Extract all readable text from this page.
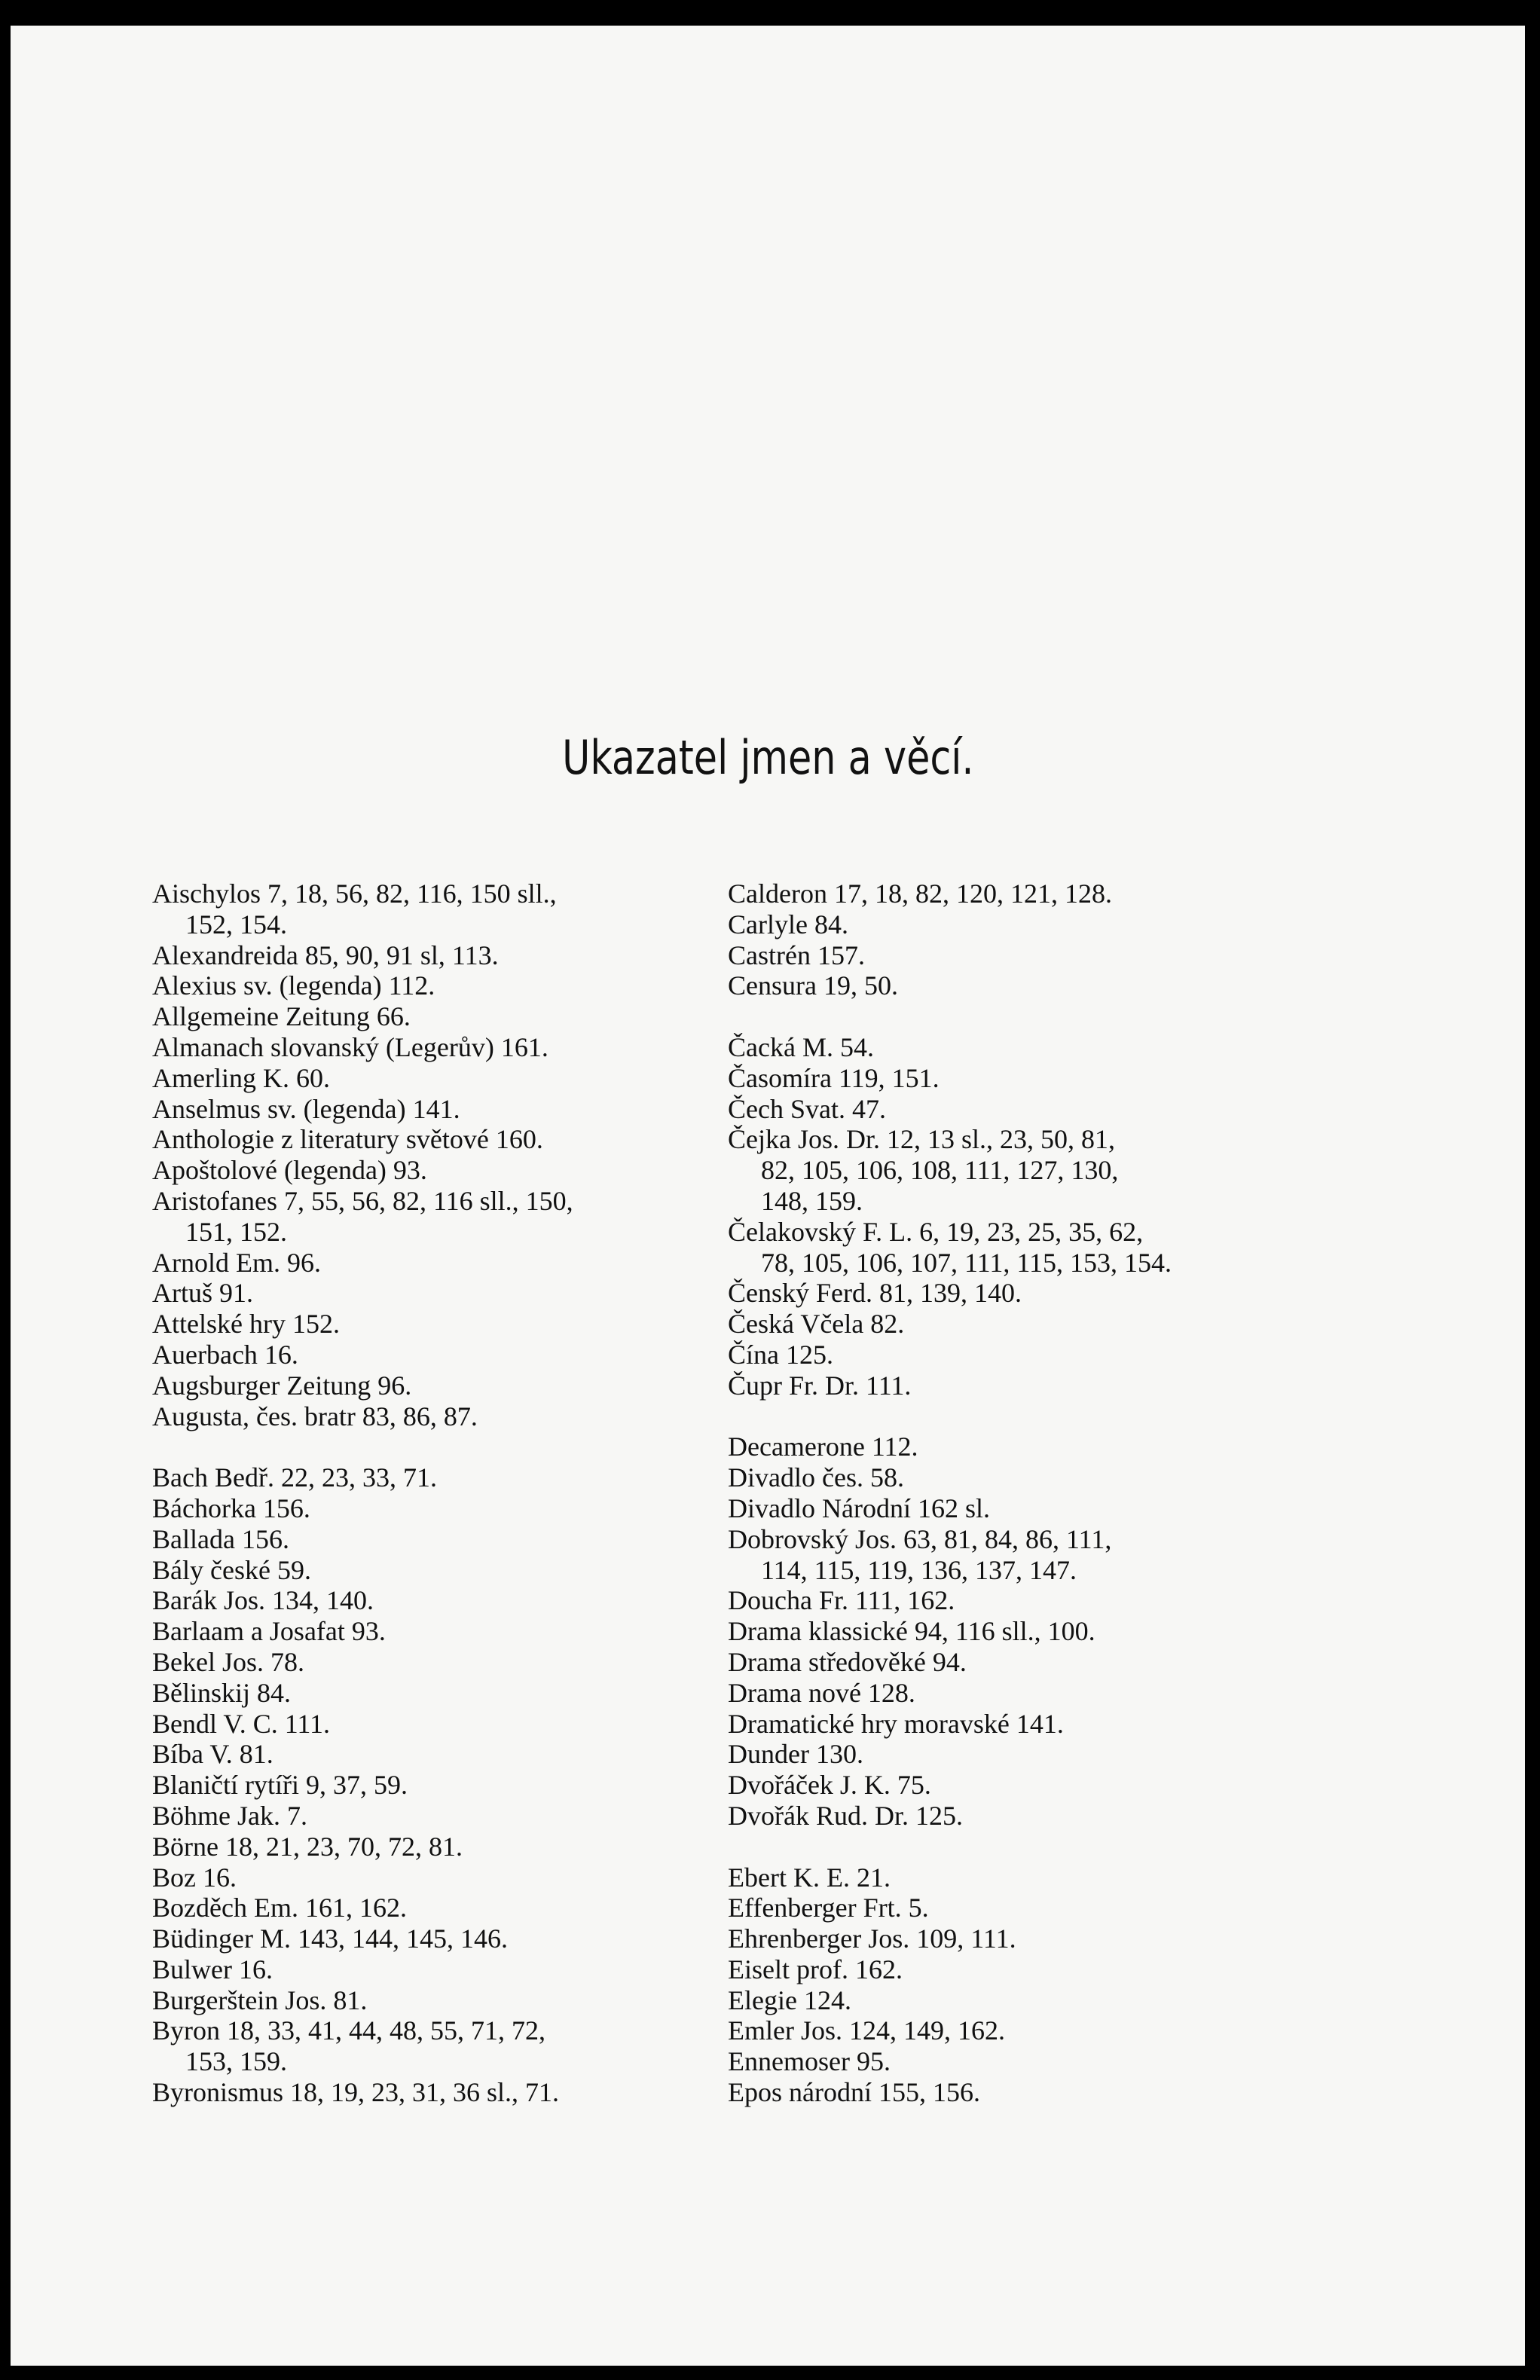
Ukazatel jmen a věcí.
Aischylos 7, 18, 56, 82, 116, 150 sll.,
152, 154.
Alexandreida 85, 90, 91 sl, 113.
Alexius sv. (legenda) 112.
Allgemeine Zeitung 66.
Almanach slovanský (Legerův) 161.
Amerling K. 60.
Anselmus sv. (legenda) 141.
Anthologie z literatury světové 160.
Apoštolové (legenda) 93.
Aristofanes 7, 55, 56, 82, 116 sll., 150,
151, 152.
Arnold Em. 96.
Artuš 91.
Attelské hry 152.
Auerbach 16.
Augsburger Zeitung 96.
Augusta, čes. bratr 83, 86, 87.
Bach Bedř. 22, 23, 33, 71.
Báchorka 156.
Ballada 156.
Bály české 59.
Barák Jos. 134, 140.
Barlaam a Josafat 93.
Bekel Jos. 78.
Bělinskij 84.
Bendl V. C. 111.
Bíba V. 81.
Blaničtí rytíři 9, 37, 59.
Böhme Jak. 7.
Börne 18, 21, 23, 70, 72, 81.
Boz 16.
Bozděch Em. 161, 162.
Büdinger M. 143, 144, 145, 146.
Bulwer 16.
Burgerštein Jos. 81.
Byron 18, 33, 41, 44, 48, 55, 71, 72,
153, 159.
Byronismus 18, 19, 23, 31, 36 sl., 71.
Calderon 17, 18, 82, 120, 121, 128.
Carlyle 84.
Castrén 157.
Censura 19, 50.
Čacká M. 54.
Časomíra 119, 151.
Čech Svat. 47.
Čejka Jos. Dr. 12, 13 sl., 23, 50, 81,
82, 105, 106, 108, 111, 127, 130,
148, 159.
Čelakovský F. L. 6, 19, 23, 25, 35, 62,
78, 105, 106, 107, 111, 115, 153, 154.
Čenský Ferd. 81, 139, 140.
Česká Včela 82.
Čína 125.
Čupr Fr. Dr. 111.
Decamerone 112.
Divadlo čes. 58.
Divadlo Národní 162 sl.
Dobrovský Jos. 63, 81, 84, 86, 111,
114, 115, 119, 136, 137, 147.
Doucha Fr. 111, 162.
Drama klassické 94, 116 sll., 100.
Drama středověké 94.
Drama nové 128.
Dramatické hry moravské 141.
Dunder 130.
Dvořáček J. K. 75.
Dvořák Rud. Dr. 125.
Ebert K. E. 21.
Effenberger Frt. 5.
Ehrenberger Jos. 109, 111.
Eiselt prof. 162.
Elegie 124.
Emler Jos. 124, 149, 162.
Ennemoser 95.
Epos národní 155, 156.
